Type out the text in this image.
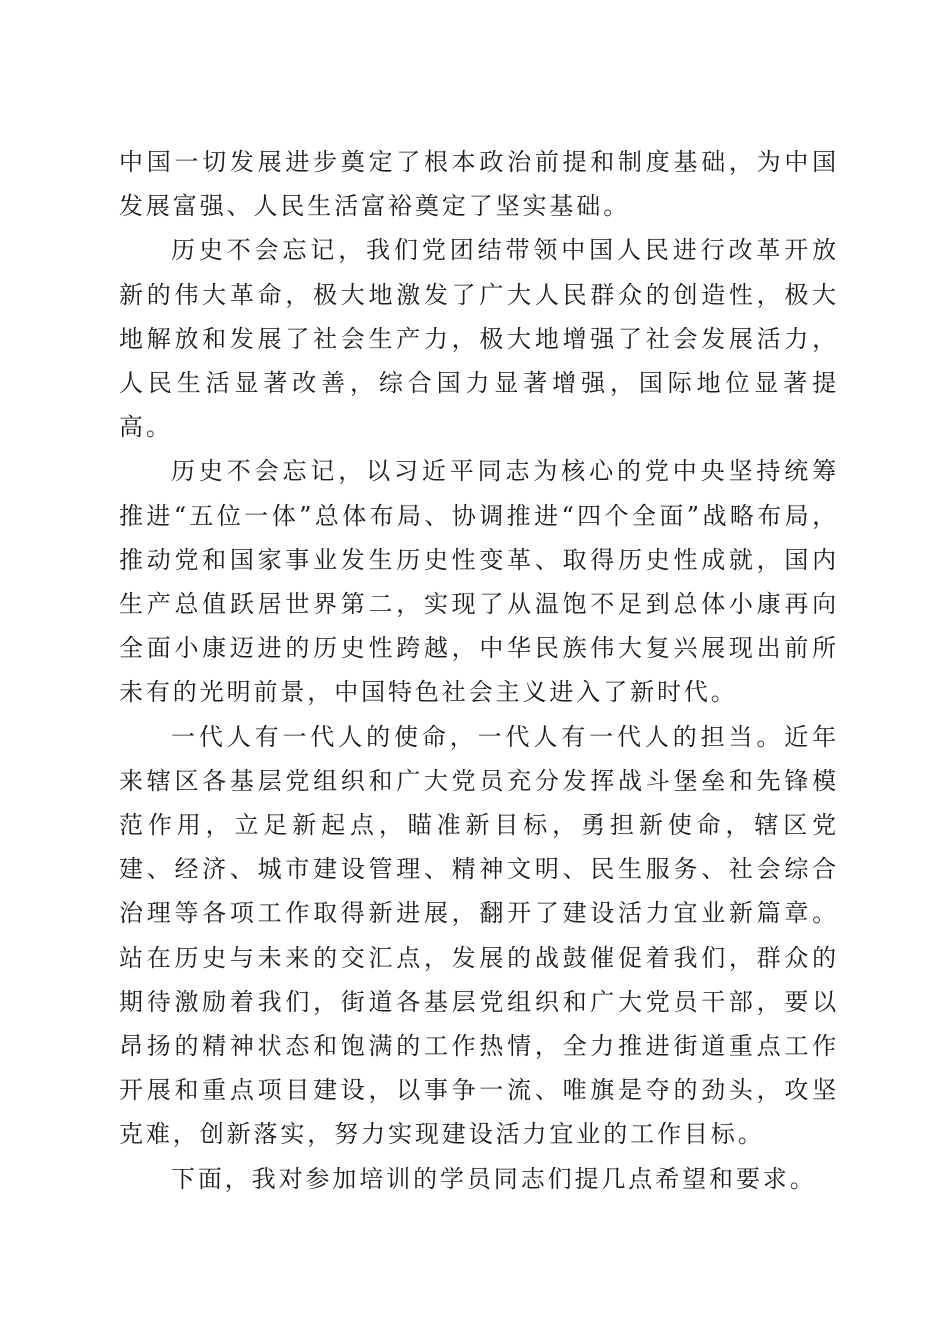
中国一切发展进步奠定了根本政治前提和制度基础，为中国发展富强、人民生活富裕奠定了坚实基础。

历史不会忘记，我们党团结带领中国人民进行改革开放新的伟大革命，极大地激发了广大人民群众的创造性，极大地解放和发展了社会生产力，极大地增强了社会发展活力，人民生活显著改善，综合国力显著增强，国际地位显著提高。

历史不会忘记，以习近平同志为核心的党中央坚持统筹推进“五位一体”总体布局、协调推进“四个全面”战略布局，推动党和国家事业发生历史性变革、取得历史性成就，国内生产总值跃居世界第二，实现了从温饱不足到总体小康再向全面小康迈进的历史性跨越，中华民族伟大复兴展现出前所未有的光明前景，中国特色社会主义进入了新时代。

一代人有一代人的使命，一代人有一代人的担当。近年来辖区各基层党组织和广大党员充分发挥战斗堡垒和先锋模范作用，立足新起点，瞄准新目标，勇担新使命，辖区党建、经济、城市建设管理、精神文明、民生服务、社会综合治理等各项工作取得新进展，翻开了建设活力宜业新篇章。站在历史与未来的交汇点，发展的战鼓催促着我们，群众的期待激励着我们，街道各基层党组织和广大党员干部，要以昂扬的精神状态和饱满的工作热情，全力推进街道重点工作开展和重点项目建设，以事争一流、唯旗是夺的劲头，攻坚克难，创新落实，努力实现建设活力宜业的工作目标。

下面，我对参加培训的学员同志们提几点希望和要求。
